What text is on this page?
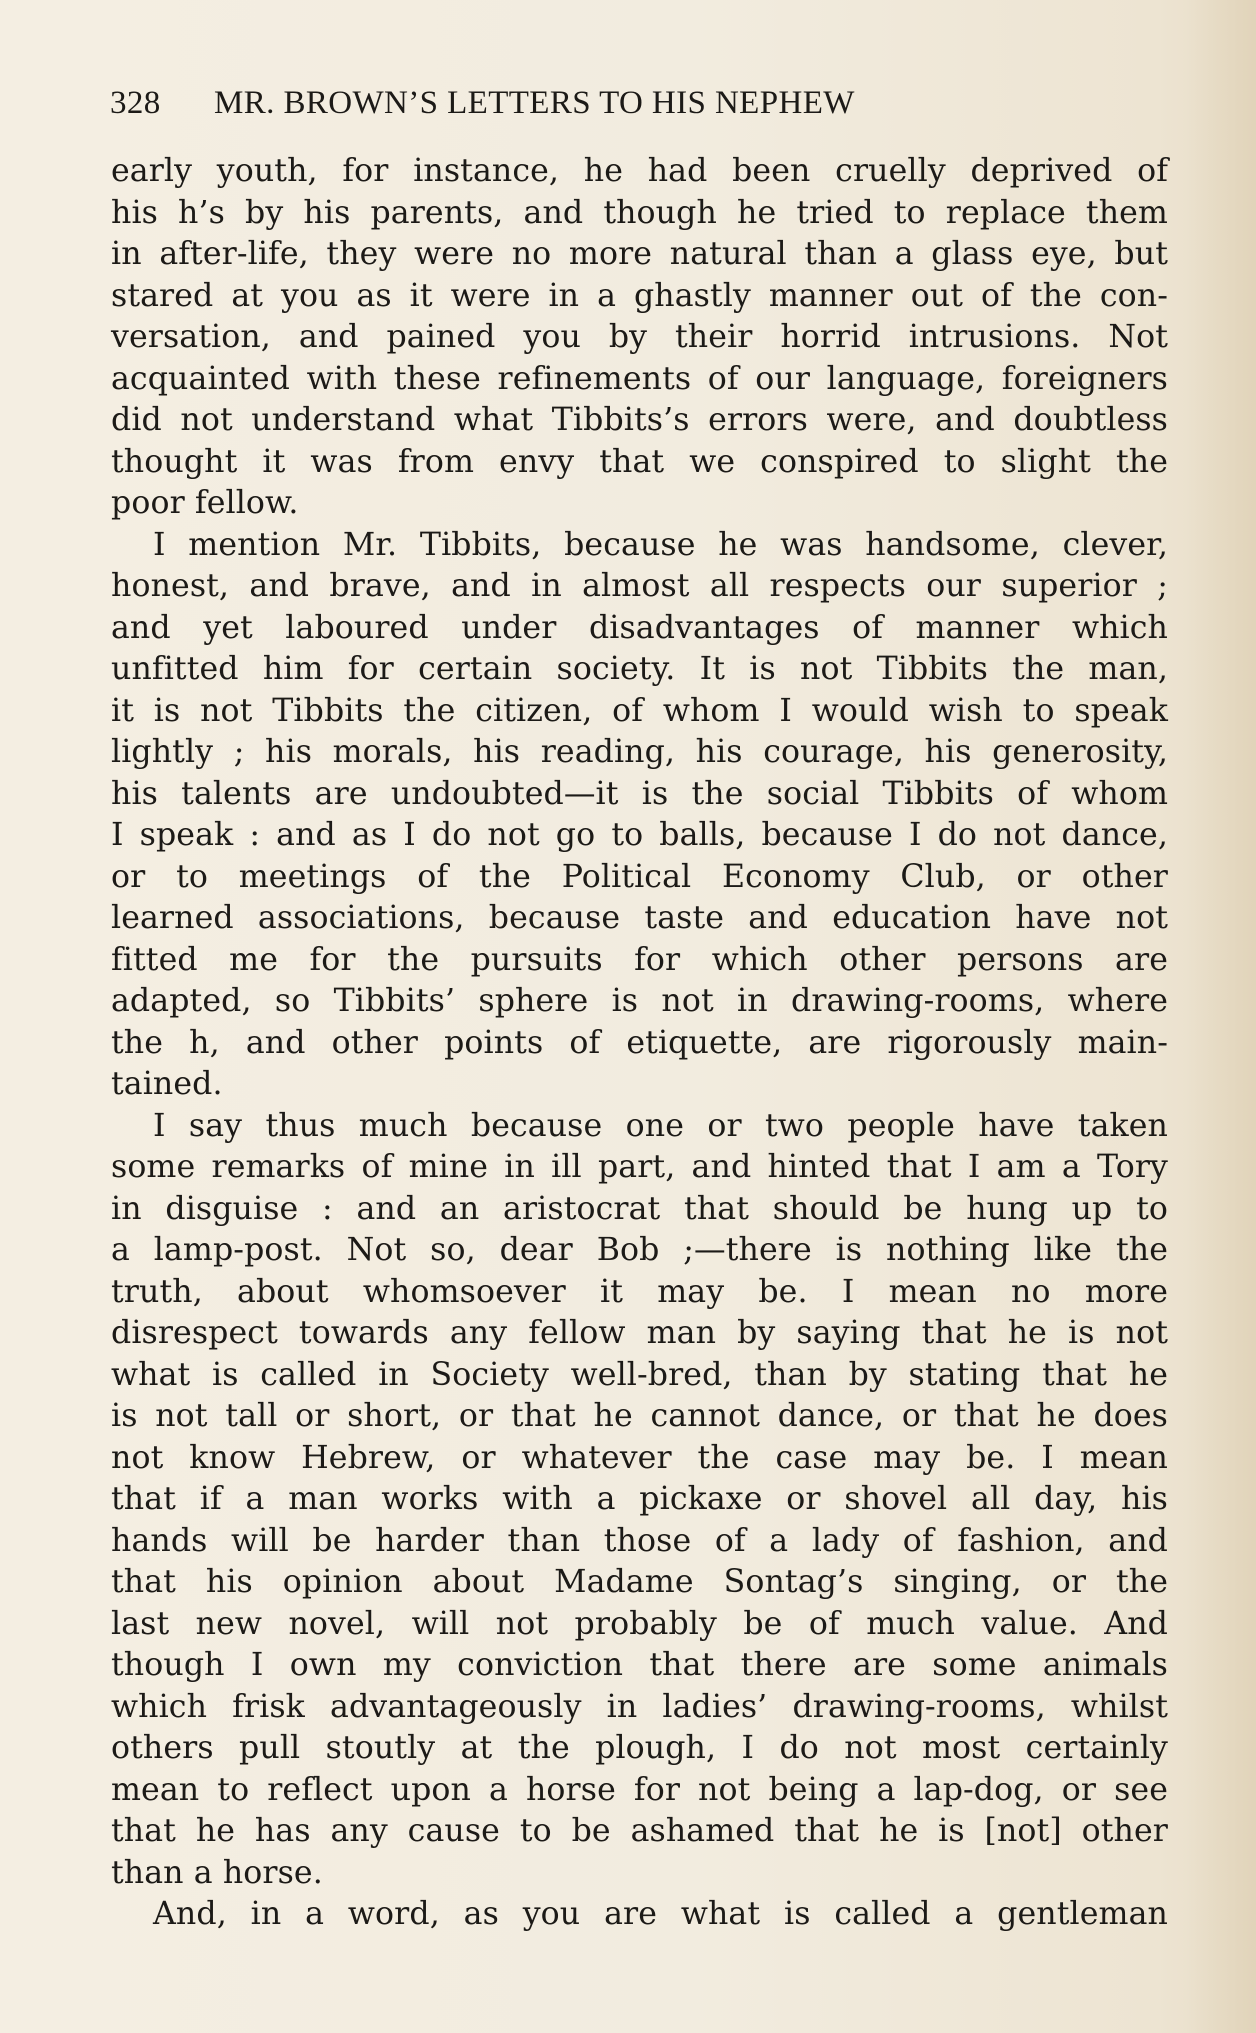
328 MR. BROWN’S LETTERS TO HIS NEPHEW
early youth, for instance, he had been cruelly deprived of
his h’s by his parents, and though he tried to replace them
in after-life, they were no more natural than a glass eye, but
stared at you as it were in a ghastly manner out of the con-
versation, and pained you by their horrid intrusions. Not
acquainted with these refinements of our language, foreigners
did not understand what Tibbits’s errors were, and doubtless
thought it was from envy that we conspired to slight the
poor fellow.
I mention Mr. Tibbits, because he was handsome, clever,
honest, and brave, and in almost all respects our superior ;
and yet laboured under disadvantages of manner which
unfitted him for certain society. It is not Tibbits the man,
it is not Tibbits the citizen, of whom I would wish to speak
lightly ; his morals, his reading, his courage, his generosity,
his talents are undoubted—it is the social Tibbits of whom
I speak : and as I do not go to balls, because I do not dance,
or to meetings of the Political Economy Club, or other
learned associations, because taste and education have not
fitted me for the pursuits for which other persons are
adapted, so Tibbits’ sphere is not in drawing-rooms, where
the h, and other points of etiquette, are rigorously main-
tained.
I say thus much because one or two people have taken
some remarks of mine in ill part, and hinted that I am a Tory
in disguise : and an aristocrat that should be hung up to
a lamp-post. Not so, dear Bob ;—there is nothing like the
truth, about whomsoever it may be. I mean no more
disrespect towards any fellow man by saying that he is not
what is called in Society well-bred, than by stating that he
is not tall or short, or that he cannot dance, or that he does
not know Hebrew, or whatever the case may be. I mean
that if a man works with a pickaxe or shovel all day, his
hands will be harder than those of a lady of fashion, and
that his opinion about Madame Sontag’s singing, or the
last new novel, will not probably be of much value. And
though I own my conviction that there are some animals
which frisk advantageously in ladies’ drawing-rooms, whilst
others pull stoutly at the plough, I do not most certainly
mean to reflect upon a horse for not being a lap-dog, or see
that he has any cause to be ashamed that he is [not] other
than a horse.
And, in a word, as you are what is called a gentleman
